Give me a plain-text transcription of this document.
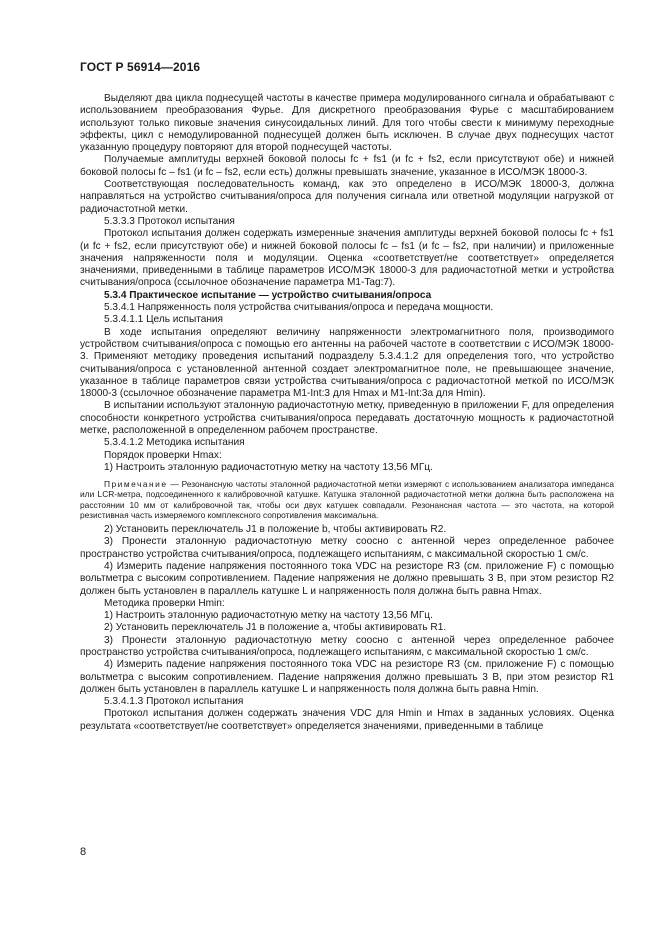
ГОСТ Р 56914—2016

Выделяют два цикла поднесущей частоты в качестве примера модулированного сигнала и обрабатывают с использованием преобразования Фурье. Для дискретного преобразования Фурье с масштабированием используют только пиковые значения синусоидальных линий. Для того чтобы свести к минимуму переходные эффекты, цикл с немодулированной поднесущей должен быть исключен. В случае двух поднесущих частот указанную процедуру повторяют для второй поднесущей частоты.

Получаемые амплитуды верхней боковой полосы fc + fs1 (и fc + fs2, если присутствуют обе) и нижней боковой полосы fc – fs1 (и fc – fs2, если есть) должны превышать значение, указанное в ИСО/МЭК 18000-3.

Соответствующая последовательность команд, как это определено в ИСО/МЭК 18000-3, должна направляться на устройство считывания/опроса для получения сигнала или ответной модуляции нагрузкой от радиочастотной метки.

5.3.3.3 Протокол испытания

Протокол испытания должен содержать измеренные значения амплитуды верхней боковой полосы fc + fs1 (и fc + fs2, если присутствуют обе) и нижней боковой полосы fc – fs1 (и fc – fs2, при наличии) и приложенные значения напряженности поля и модуляции. Оценка «соответствует/не соответствует» определяется значениями, приведенными в таблице параметров ИСО/МЭК 18000-3 для радиочастотной метки и устройства считывания/опроса (ссылочное обозначение параметра M1-Tag:7).

5.3.4 Практическое испытание — устройство считывания/опроса

5.3.4.1 Напряженность поля устройства считывания/опроса и передача мощности.

5.3.4.1.1 Цель испытания

В ходе испытания определяют величину напряженности электромагнитного поля, производимого устройством считывания/опроса с помощью его антенны на рабочей частоте в соответствии с ИСО/МЭК 18000-3. Применяют методику проведения испытаний подразделу 5.3.4.1.2 для определения того, что устройство считывания/опроса с установленной антенной создает электромагнитное поле, не превышающее значение, указанное в таблице параметров связи устройства считывания/опроса с радиочастотной меткой по ИСО/МЭК 18000-3 (ссылочное обозначение параметра M1-Int:3 для Hmax и M1-Int:3a для Hmin).

В испытании используют эталонную радиочастотную метку, приведенную в приложении F, для определения способности конкретного устройства считывания/опроса передавать достаточную мощность к радиочастотной метке, расположенной в определенном рабочем пространстве.

5.3.4.1.2 Методика испытания

Порядок проверки Hmax:

1) Настроить эталонную радиочастотную метку на частоту 13,56 МГц.

Примечание — Резонансную частоты эталонной радиочастотной метки измеряют с использованием анализатора импеданса или LCR-метра, подсоединенного к калибровочной катушке. Катушка эталонной радиочастотной метки должна быть расположена на расстоянии 10 мм от калибровочной так, чтобы оси двух катушек совпадали. Резонансная частота — это частота, на которой резистивная часть измеряемого комплексного сопротивления максимальна.

2) Установить переключатель J1 в положение b, чтобы активировать R2.

3) Пронести эталонную радиочастотную метку соосно с антенной через определенное рабочее пространство устройства считывания/опроса, подлежащего испытаниям, с максимальной скоростью 1 см/с.

4) Измерить падение напряжения постоянного тока VDC на резисторе R3 (см. приложение F) с помощью вольтметра с высоким сопротивлением. Падение напряжения не должно превышать 3 В, при этом резистор R2 должен быть установлен в параллель катушке L и напряженность поля должна быть равна Hmax.

Методика проверки Hmin:

1) Настроить эталонную радиочастотную метку на частоту 13,56 МГц.

2) Установить переключатель J1 в положение a, чтобы активировать R1.

3) Пронести эталонную радиочастотную метку соосно с антенной через определенное рабочее пространство устройства считывания/опроса, подлежащего испытаниям, с максимальной скоростью 1 см/с.

4) Измерить падение напряжения постоянного тока VDC на резисторе R3 (см. приложение F) с помощью вольтметра с высоким сопротивлением. Падение напряжения должно превышать 3 В, при этом резистор R1 должен быть установлен в параллель катушке L и напряженность поля должна быть равна Hmin.

5.3.4.1.3 Протокол испытания

Протокол испытания должен содержать значения VDC для Hmin и Hmax в заданных условиях. Оценка результата «соответствует/не соответствует» определяется значениями, приведенными в таблице

8
